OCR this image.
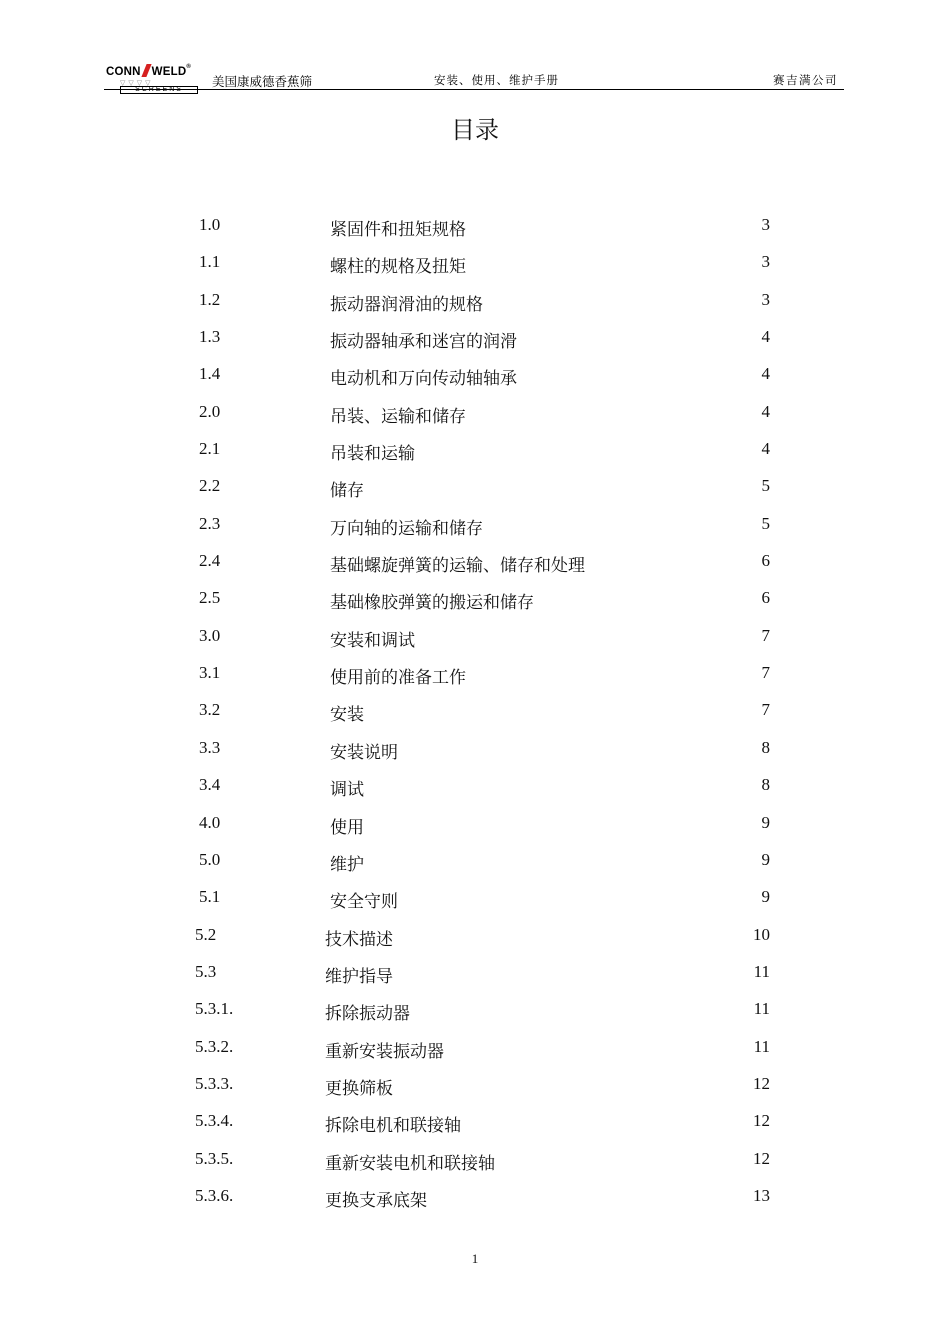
CONN WELD®
▽▽▽▽
SCREENS
美国康威德香蕉筛	安装、使用、维护手册	赛吉满公司
目录
1.0	紧固件和扭矩规格	3
1.1	螺柱的规格及扭矩	3
1.2	振动器润滑油的规格	3
1.3	振动器轴承和迷宫的润滑	4
1.4	电动机和万向传动轴轴承	4
2.0	吊装、运输和储存	4
2.1	吊装和运输	4
2.2	储存	5
2.3	万向轴的运输和储存	5
2.4	基础螺旋弹簧的运输、储存和处理	6
2.5	基础橡胶弹簧的搬运和储存	6
3.0	安装和调试	7
3.1	使用前的准备工作	7
3.2	安装	7
3.3	安装说明	8
3.4	调试	8
4.0	使用	9
5.0	维护	9
5.1	安全守则	9
5.2	技术描述	10
5.3	维护指导	11
5.3.1.	拆除振动器	11
5.3.2.	重新安装振动器	11
5.3.3.	更换筛板	12
5.3.4.	拆除电机和联接轴	12
5.3.5.	重新安装电机和联接轴	12
5.3.6.	更换支承底架	13
1
